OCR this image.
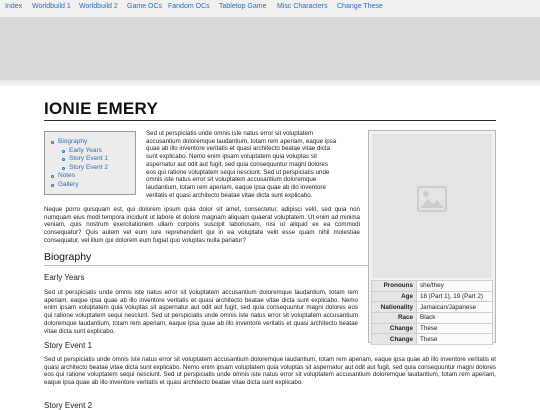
Index Worldbuild 1 Worldbuild 2 Game OCs Fandom OCs Tabletop Game Misc Characters Change These
IONIE EMERY
Biography
Early Years
Story Event 1
Story Event 2
Notes
Gallery

Sed ut perspiciatis unde omnis iste natus error sit voluptatem

accusantium doloremque laudantium, totam rem aperiam, eaque ipsa

quae ab illo inventore veritatis et quasi architecto beatae vitae dicta

sunt explicabo. Nemo enim ipsam voluptatem quia voluptas sit

aspernatur aut odit aut fugit, sed quia consequuntur magni dolores

eos qui ratione voluptatem sequi nesciunt. Sed ut perspiciatis unde

omnis iste natus error sit voluptatem accusantium doloremque

laudantium, totam rem aperiam, eaque ipsa quae ab illo inventore

veritatis et quasi architecto beatae vitae dicta sunt explicabo.

Neque porro quisquam est, qui dolorem ipsum quia dolor sit amet, consectetur, adipisci velit, sed quia non numquam eius modi tempora incidunt ut labore et dolore magnam aliquam quaerat voluptatem. Ut enim ad minima veniam, quis nostrum exercitationem ullam corporis suscipit laboriosam, nisi ut aliquid ex ea commodi consequatur? Quis autem vel eum iure reprehenderit qui in ea voluptate velit esse quam nihil molestiae consequatur, vel illum qui dolorem eum fugiat quo voluptas nulla pariatur?

Pronouns	she/they
Age	18 (Part 1), 19 (Part 2)
Nationality	Jamaican/Japanese
Race	Black
Change	These
Change	These
Biography
Early Years

Sed ut perspiciatis unde omnis iste natus error sit voluptatem accusantium doloremque laudantium, totam rem aperiam, eaque ipsa quae ab illo inventore veritatis et quasi architecto beatae vitae dicta sunt explicabo. Nemo enim ipsam voluptatem quia voluptas sit aspernatur aut odit aut fugit, sed quia consequuntur magni dolores eos qui ratione voluptatem sequi nesciunt. Sed ut perspiciatis unde omnis iste natus error sit voluptatem accusantium doloremque laudantium, totam rem aperiam, eaque ipsa quae ab illo inventore veritatis et quasi architecto beatae vitae dicta sunt explicabo.

Story Event 1

Sed ut perspiciatis unde omnis iste natus error sit voluptatem accusantium doloremque laudantium, totam rem aperiam, eaque ipsa quae ab illo inventore veritatis et quasi architecto beatae vitae dicta sunt explicabo. Nemo enim ipsam voluptatem quia voluptas sit aspernatur aut odit aut fugit, sed quia consequuntur magni dolores eos qui ratione voluptatem sequi nesciunt. Sed ut perspiciatis unde omnis iste natus error sit voluptatem accusantium doloremque laudantium, totam rem aperiam, eaque ipsa quae ab illo inventore veritatis et quasi architecto beatae vitae dicta sunt explicabo.

Story Event 2
